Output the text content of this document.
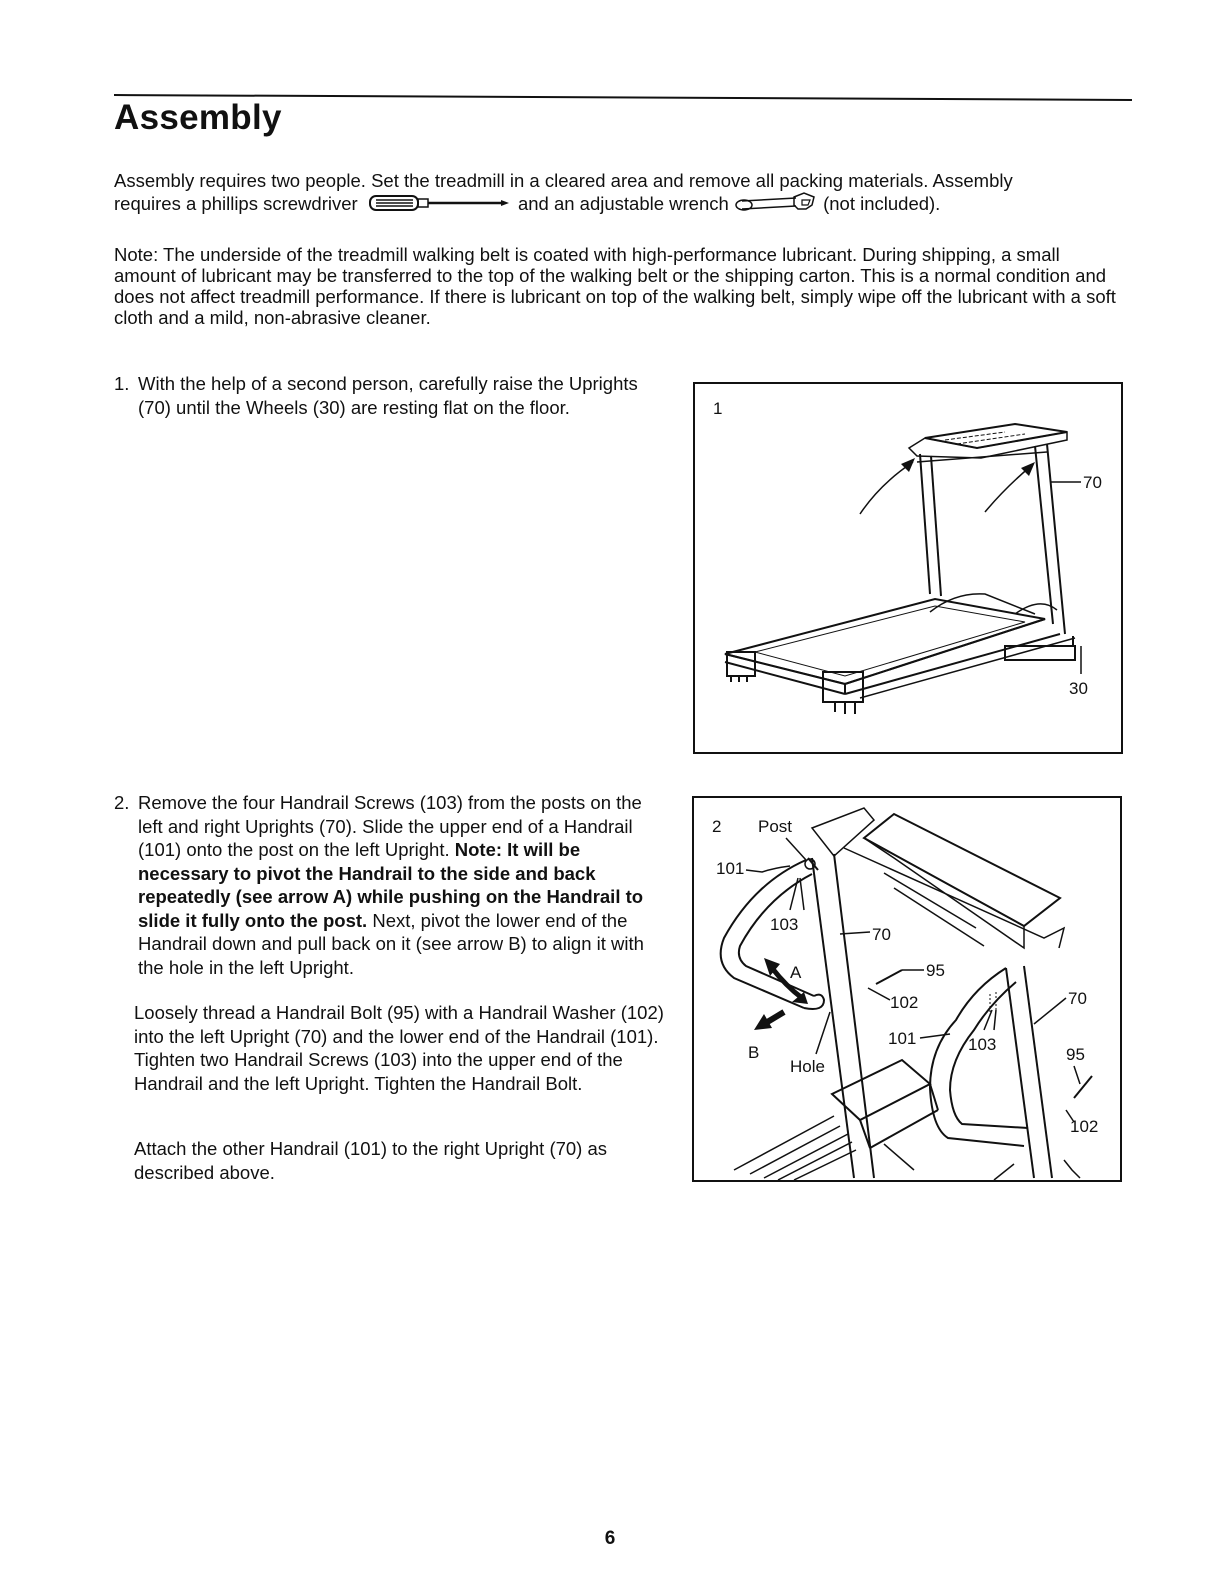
Assembly

Assembly requires two people. Set the treadmill in a cleared area and remove all packing materials. Assembly
requires a phillips screwdriver	and an adjustable wrench	(not included).

Note: The underside of the treadmill walking belt is coated with high-performance lubricant. During shipping, a small amount of lubricant may be transferred to the top of the walking belt or the shipping carton. This is a normal condition and does not affect treadmill performance. If there is lubricant on top of the walking belt, simply wipe off the lubricant with a soft cloth and a mild, non-abrasive cleaner.

1. With the help of a second person, carefully raise the Uprights (70) until the Wheels (30) are resting flat on the floor.	1
70
30
2. Remove the four Handrail Screws (103) from the posts on the left and right Uprights (70). Slide the upper end of a Handrail (101) onto the post on the left Upright. Note: It will be necessary to pivot the Handrail to the side and back repeatedly (see arrow A) while pushing on the Handrail to slide it fully onto the post. Next, pivot the lower end of the Handrail down and pull back on it (see arrow B) to align it with the hole in the left Upright.

Loosely thread a Handrail Bolt (95) with a Handrail Washer (102) into the left Upright (70) and the lower end of the Handrail (101). Tighten two Handrail Screws (103) into the upper end of the Handrail and the left Upright. Tighten the Handrail Bolt.

Attach the other Handrail (101) to the right Upright (70) as described above.

2 Post
101
103
70
A	95
102
B
Hole
101	103
70
95
102

6
